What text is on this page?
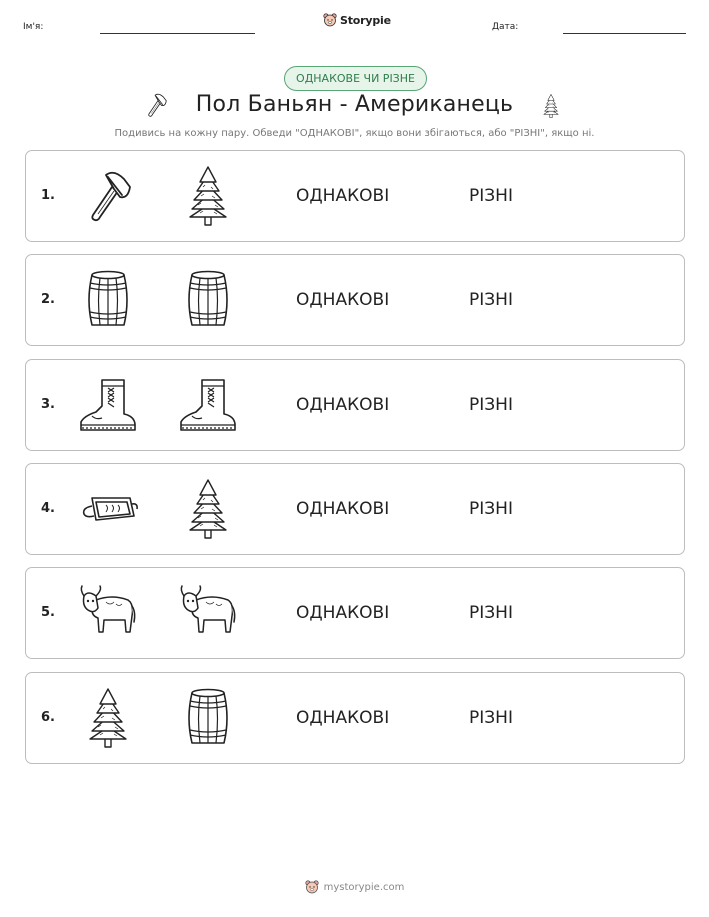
Ім'я:
Storypie
Дата:
ОДНАКОВЕ ЧИ РІЗНЕ
Пол Баньян - Американець

Подивись на кожну пару. Обведи "ОДНАКОВІ", якщо вони збігаються, або "РІЗНІ", якщо ні.

1.	ОДНАКОВІ	РІЗНІ
2.	ОДНАКОВІ	РІЗНІ
3.	ОДНАКОВІ	РІЗНІ
4.	ОДНАКОВІ	РІЗНІ
5.	ОДНАКОВІ	РІЗНІ
6.	ОДНАКОВІ	РІЗНІ
mystorypie.com
